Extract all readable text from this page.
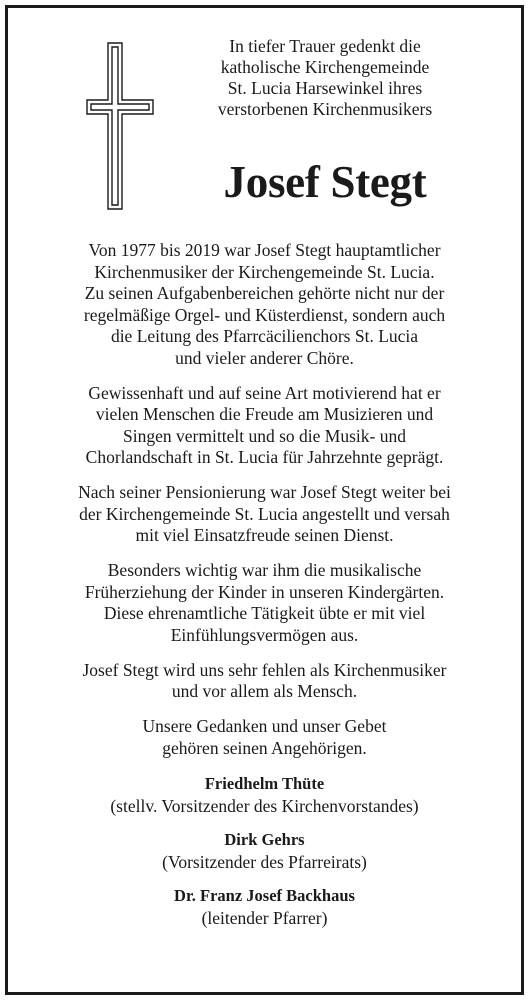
In tiefer Trauer gedenkt die

katholische Kirchengemeinde

St. Lucia Harsewinkel ihres

verstorbenen Kirchenmusikers

Josef Stegt

Von 1977 bis 2019 war Josef Stegt hauptamtlicher

Kirchenmusiker der Kirchengemeinde St. Lucia.

Zu seinen Aufgabenbereichen gehörte nicht nur der

regelmäßige Orgel- und Küsterdienst, sondern auch

die Leitung des Pfarrcäcilienchors St. Lucia

und vieler anderer Chöre.

Gewissenhaft und auf seine Art motivierend hat er

vielen Menschen die Freude am Musizieren und

Singen vermittelt und so die Musik- und

Chorlandschaft in St. Lucia für Jahrzehnte geprägt.

Nach seiner Pensionierung war Josef Stegt weiter bei

der Kirchengemeinde St. Lucia angestellt und versah

mit viel Einsatzfreude seinen Dienst.

Besonders wichtig war ihm die musikalische

Früherziehung der Kinder in unseren Kindergärten.

Diese ehrenamtliche Tätigkeit übte er mit viel

Einfühlungsvermögen aus.

Josef Stegt wird uns sehr fehlen als Kirchenmusiker

und vor allem als Mensch.

Unsere Gedanken und unser Gebet

gehören seinen Angehörigen.

Friedhelm Thüte
(stellv. Vorsitzender des Kirchenvorstandes)
Dirk Gehrs
(Vorsitzender des Pfarreirats)
Dr. Franz Josef Backhaus
(leitender Pfarrer)
